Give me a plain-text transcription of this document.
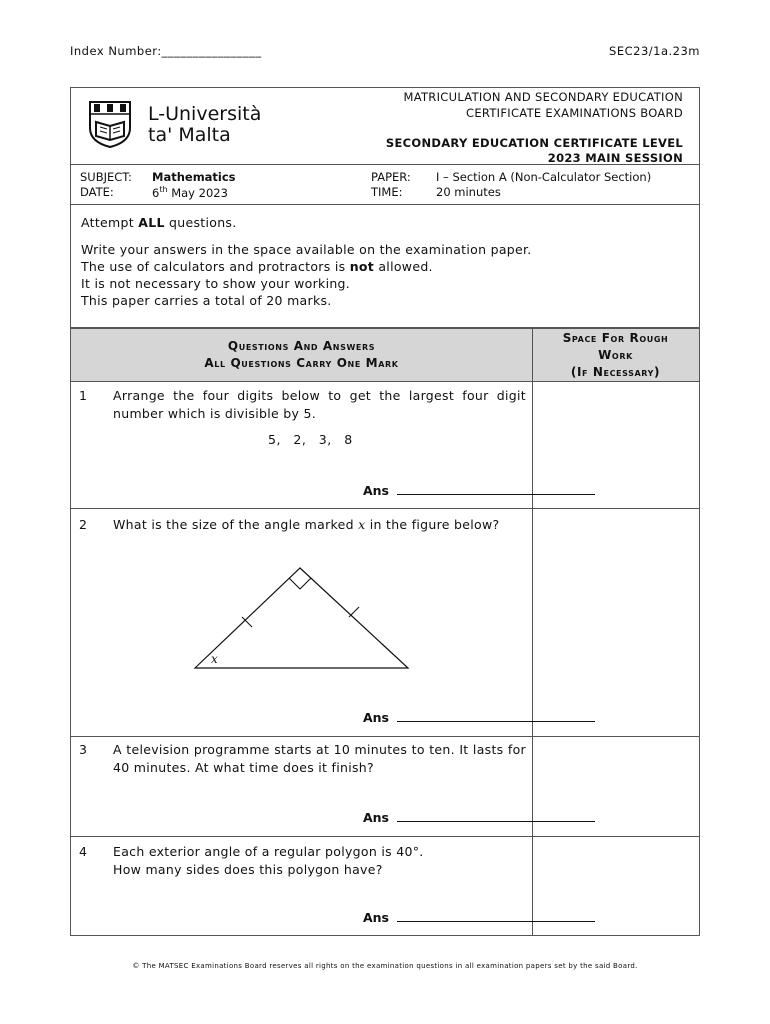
Index Number:________________	SEC23/1a.23m
L-Università
ta' Malta
MATRICULATION AND SECONDARY EDUCATION
CERTIFICATE EXAMINATIONS BOARD
SECONDARY EDUCATION CERTIFICATE LEVEL
2023 MAIN SESSION
SUBJECT: Mathematics
DATE:	6th May 2023
PAPER: I – Section A (Non-Calculator Section)
TIME:	20 minutes

Attempt ALL questions.

Write your answers in the space available on the examination paper.

The use of calculators and protractors is not allowed.

It is not necessary to show your working.

This paper carries a total of 20 marks.

Questions And Answers
All Questions Carry One Mark
Space For Rough
Work
(If Necessary)
1 Arrange the four digits below to get the largest four digit number which is divisible by 5.
5, 2, 3, 8
Ans
2 What is the size of the angle marked x in the figure below?
x
Ans
3 A television programme starts at 10 minutes to ten. It lasts for 40 minutes. At what time does it finish?
Ans
4 Each exterior angle of a regular polygon is 40°.
How many sides does this polygon have?
Ans
© The MATSEC Examinations Board reserves all rights on the examination questions in all examination papers set by the said Board.
